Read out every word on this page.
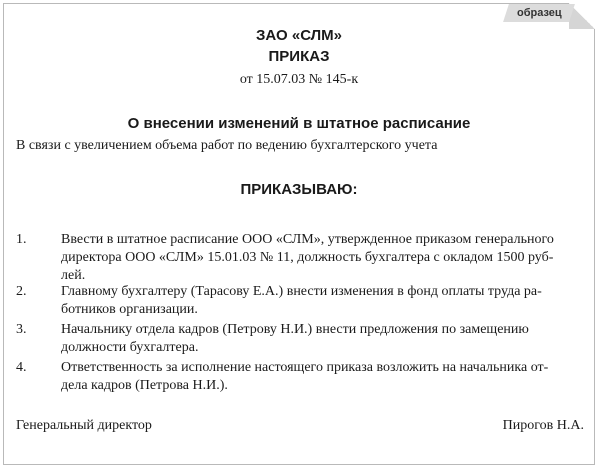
образец
ЗАО «СЛМ»
ПРИКАЗ
от 15.07.03 № 145-к
О внесении изменений в штатное расписание
В связи с увеличением объема работ по ведению бухгалтерского учета
ПРИКАЗЫВАЮ:
1. Ввести в штатное расписание ООО «СЛМ», утвержденное приказом генерального
директора ООО «СЛМ» 15.01.03 № 11, должность бухгалтера с окладом 1500 руб-
лей.
2. Главному бухгалтеру (Тарасову Е.А.) внести изменения в фонд оплаты труда ра-
ботников организации.
3. Начальнику отдела кадров (Петрову Н.И.) внести предложения по замещению
должности бухгалтера.
4. Ответственность за исполнение настоящего приказа возложить на начальника от-
дела кадров (Петрова Н.И.).
Генеральный директор	Пирогов Н.А.
